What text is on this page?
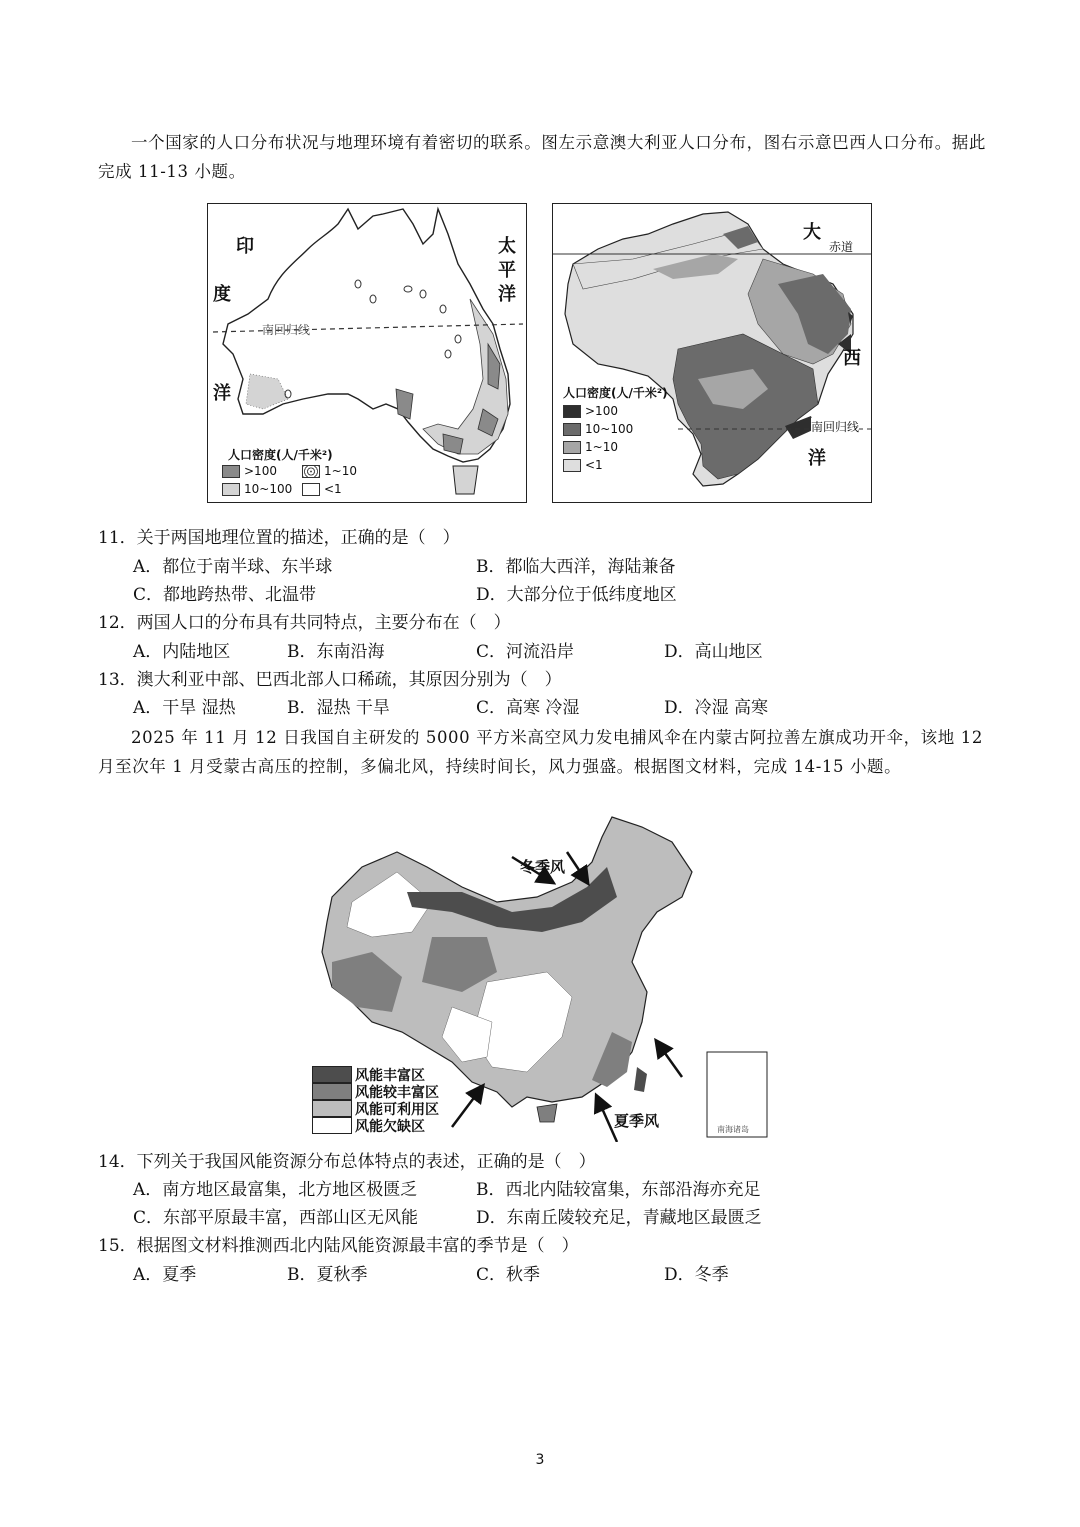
一个国家的人口分布状况与地理环境有着密切的联系。图左示意澳大利亚人口分布，图右示意巴西人口分布。据此完成 11-13 小题。

印
度
洋
太
平
洋
南回归线
人口密度(人/千米²)
>100	1~10
10~100	<1
大
赤道
西
南回归线
洋
人口密度(人/千米²)
>100
10~100
1~10
<1

11．关于两国地理位置的描述，正确的是（　）

A．都位于南半球、东半球	B．都临大西洋，海陆兼备
C．都地跨热带、北温带	D．大部分位于低纬度地区

12．两国人口的分布具有共同特点，主要分布在（　）

A．内陆地区	B．东南沿海	C．河流沿岸	D．高山地区

13．澳大利亚中部、巴西北部人口稀疏，其原因分别为（　）

A．干旱 湿热	B．湿热 干旱	C．高寒 冷湿	D．冷湿 高寒

2025 年 11 月 12 日我国自主研发的 5000 平方米高空风力发电捕风伞在内蒙古阿拉善左旗成功开伞，该地 12 月至次年 1 月受蒙古高压的控制，多偏北风，持续时间长，风力强盛。根据图文材料，完成 14-15 小题。

冬季风
夏季风	南海诸岛
风能丰富区
风能较丰富区
风能可利用区
风能欠缺区

14．下列关于我国风能资源分布总体特点的表述，正确的是（　）

A．南方地区最富集，北方地区极匮乏	B．西北内陆较富集，东部沿海亦充足
C．东部平原最丰富，西部山区无风能	D．东南丘陵较充足，青藏地区最匮乏

15．根据图文材料推测西北内陆风能资源最丰富的季节是（　）

A．夏季	B．夏秋季	C．秋季	D．冬季
3
